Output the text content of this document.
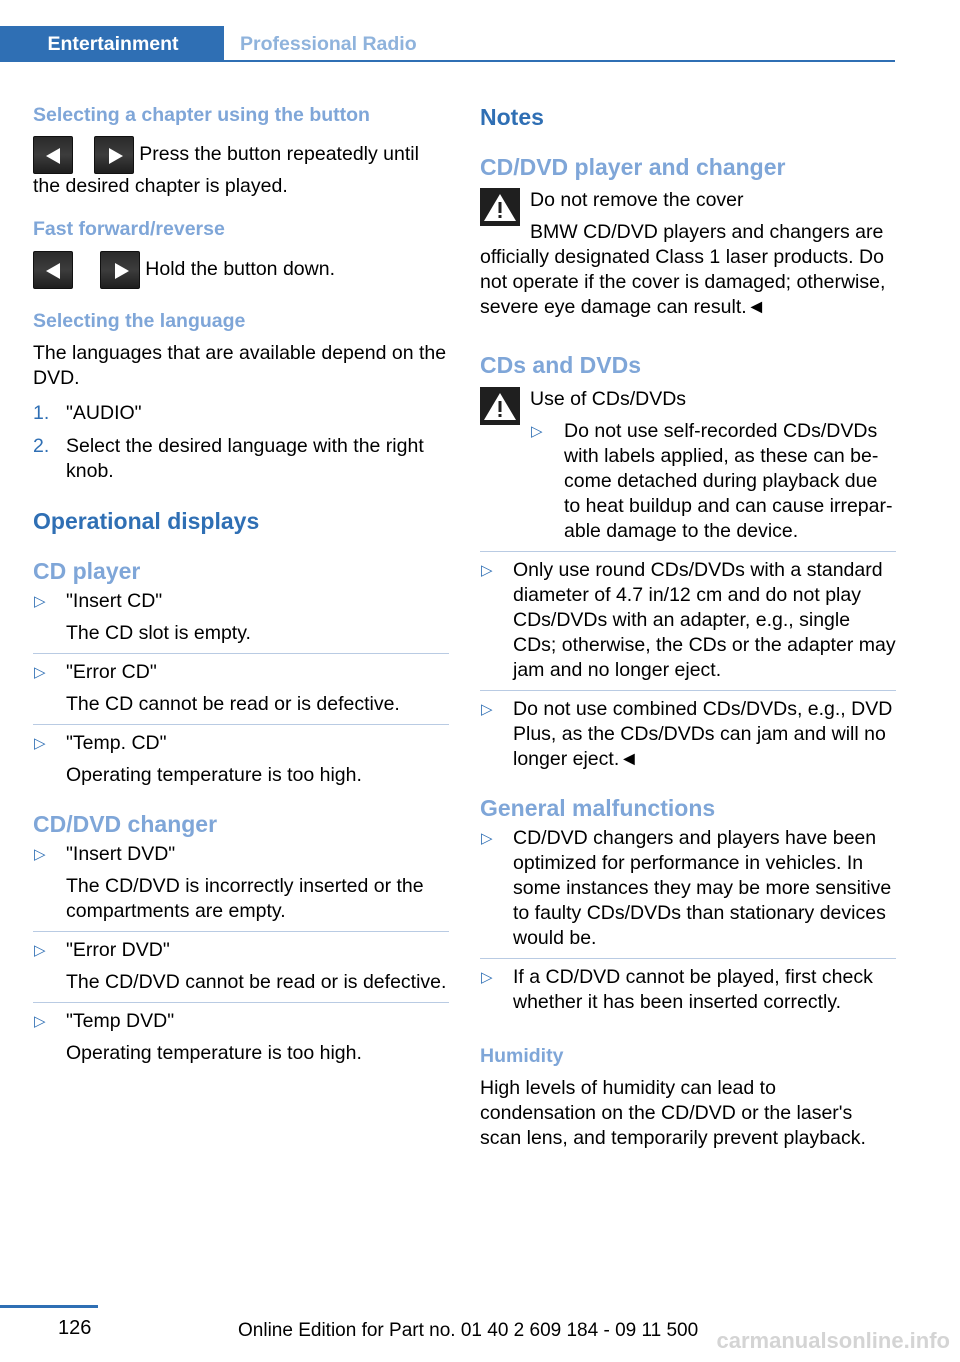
Entertainment	Professional Radio
Selecting a chapter using the button
Press the button repeatedly until the desired chapter is played.
Fast forward/reverse
Hold the button down.
Selecting the language

The languages that are available depend on the DVD.

1. "AUDIO"
2. Select the desired language with the right knob.
Operational displays
CD player
▷ "Insert CD"
The CD slot is empty.
▷ "Error CD"
The CD cannot be read or is defective.
▷ "Temp. CD"
Operating temperature is too high.
CD/DVD changer
▷ "Insert DVD"
The CD/DVD is incorrectly inserted or the compartments are empty.
▷ "Error DVD"
The CD/DVD cannot be read or is defective.
▷ "Temp DVD"
Operating temperature is too high.
Notes
CD/DVD player and changer
Do not remove the cover

BMW CD/DVD players and changers are officially designated Class 1 laser products. Do not operate if the cover is damaged; otherwise, severe eye damage can result.◄

CDs and DVDs
Use of CDs/DVDs
▷ Do not use self-recorded CDs/DVDs with labels applied, as these can become detached during playback due to heat buildup and can cause irreparable damage to the device.
▷ Only use round CDs/DVDs with a standard diameter of 4.7 in/12 cm and do not play CDs/DVDs with an adapter, e.g., single CDs; otherwise, the CDs or the adapter may jam and no longer eject.
▷ Do not use combined CDs/DVDs, e.g., DVD Plus, as the CDs/DVDs can jam and will no longer eject.◄
General malfunctions
▷ CD/DVD changers and players have been optimized for performance in vehicles. In some instances they may be more sensitive to faulty CDs/DVDs than stationary devices would be.
▷ If a CD/DVD cannot be played, first check whether it has been inserted correctly.
Humidity

High levels of humidity can lead to condensation on the CD/DVD or the laser's scan lens, and temporarily prevent playback.

126	Online Edition for Part no. 01 40 2 609 184 - 09 11 500 carmanualsonline.info
